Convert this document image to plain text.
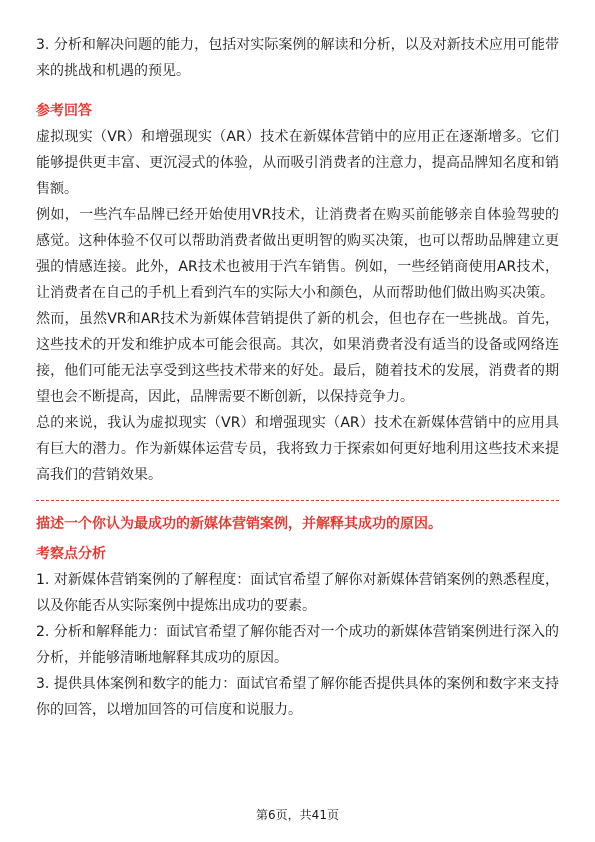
3. 分析和解决问题的能力，包括对实际案例的解读和分析，以及对新技术应用可能带来的挑战和机遇的预见。

参考回答

虚拟现实（VR）和增强现实（AR）技术在新媒体营销中的应用正在逐渐增多。它们能够提供更丰富、更沉浸式的体验，从而吸引消费者的注意力，提高品牌知名度和销售额。

例如，一些汽车品牌已经开始使用VR技术，让消费者在购买前能够亲自体验驾驶的感觉。这种体验不仅可以帮助消费者做出更明智的购买决策，也可以帮助品牌建立更强的情感连接。此外，AR技术也被用于汽车销售。例如，一些经销商使用AR技术，让消费者在自己的手机上看到汽车的实际大小和颜色，从而帮助他们做出购买决策。

然而，虽然VR和AR技术为新媒体营销提供了新的机会，但也存在一些挑战。首先，这些技术的开发和维护成本可能会很高。其次，如果消费者没有适当的设备或网络连接，他们可能无法享受到这些技术带来的好处。最后，随着技术的发展，消费者的期望也会不断提高，因此，品牌需要不断创新，以保持竞争力。

总的来说，我认为虚拟现实（VR）和增强现实（AR）技术在新媒体营销中的应用具有巨大的潜力。作为新媒体运营专员，我将致力于探索如何更好地利用这些技术来提高我们的营销效果。

描述一个你认为最成功的新媒体营销案例，并解释其成功的原因。
考察点分析

1. 对新媒体营销案例的了解程度：面试官希望了解你对新媒体营销案例的熟悉程度，以及你能否从实际案例中提炼出成功的要素。

2. 分析和解释能力：面试官希望了解你能否对一个成功的新媒体营销案例进行深入的分析，并能够清晰地解释其成功的原因。

3. 提供具体案例和数字的能力：面试官希望了解你能否提供具体的案例和数字来支持你的回答，以增加回答的可信度和说服力。

第6页，共41页
